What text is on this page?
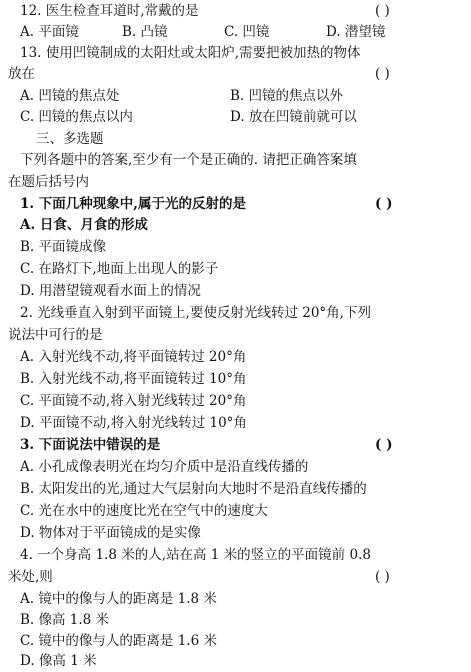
12. 医生检查耳道时,常戴的是	( )
A. 平面镜	B. 凸镜	C. 凹镜	D. 潜望镜
13. 使用凹镜制成的太阳灶或太阳炉,需要把被加热的物体
放在	( )
A. 凹镜的焦点处	B. 凹镜的焦点以外
C. 凹镜的焦点以内	D. 放在凹镜前就可以
三、多选题
下列各题中的答案,至少有一个是正确的. 请把正确答案填
在题后括号内
1. 下面几种现象中,属于光的反射的是	( )
A. 日食、月食的形成
B. 平面镜成像
C. 在路灯下,地面上出现人的影子
D. 用潜望镜观看水面上的情况
2. 光线垂直入射到平面镜上,要使反射光线转过 20°角,下列
说法中可行的是
A. 入射光线不动,将平面镜转过 20°角
B. 入射光线不动,将平面镜转过 10°角
C. 平面镜不动,将入射光线转过 20°角
D. 平面镜不动,将入射光线转过 10°角
3. 下面说法中错误的是	( )
A. 小孔成像表明光在均匀介质中是沿直线传播的
B. 太阳发出的光,通过大气层射向大地时不是沿直线传播的
C. 光在水中的速度比光在空气中的速度大
D. 物体对于平面镜成的是实像
4. 一个身高 1.8 米的人,站在高 1 米的竖立的平面镜前 0.8
米处,则	( )
A. 镜中的像与人的距离是 1.8 米
B. 像高 1.8 米
C. 镜中的像与人的距离是 1.6 米
D. 像高 1 米
